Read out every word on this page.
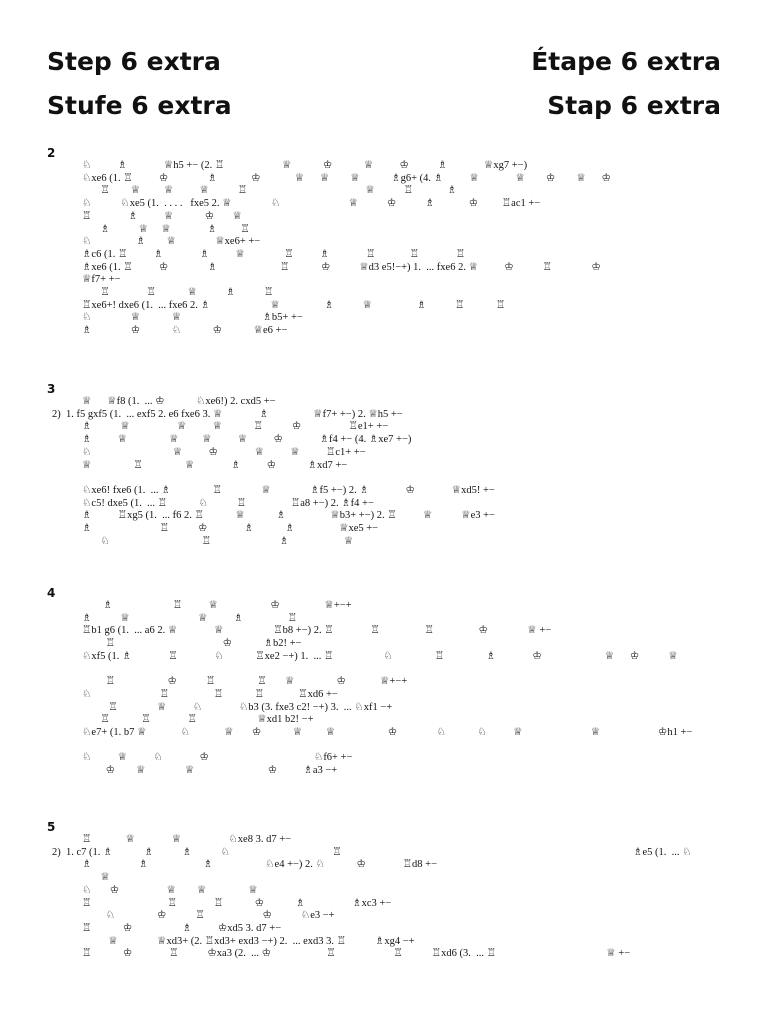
Step 6 extra	Étape 6 extra
Stufe 6 extra	Stap 6 extra
2
♘          ♗              ♕h5 +− (2. ♖                      ♕            ♔            ♕          ♔           ♗              ♕xg7 +−)
♘xe6 (1. ♖          ♔               ♗             ♔             ♕      ♕        ♕            ♗g6+ (4. ♗          ♕              ♕        ♔        ♕      ♔
♖        ♕         ♕          ♕           ♖                                             ♕           ♖             ♗
♘           ♘xe5 (1.  . . . .   fxe5 2. ♕               ♘                          ♕           ♔           ♗             ♔         ♖ac1 +−
♖              ♗          ♕            ♔       ♕
♗           ♕     ♕              ♗         ♖
♘                 ♗        ♕               ♕xe6+ +−
♗c6 (1. ♖          ♗              ♗          ♕               ♖          ♗              ♖             ♖              ♖
♗xe6 (1. ♖          ♔               ♗                        ♖            ♔           ♕d3 e5!−+) 1.  ... fxe6 2. ♕          ♔           ♖               ♔
♕f7+ +−
♖              ♖            ♕           ♗           ♖
♖xe6+! dxe6 (1.  ... fxe6 2. ♗                       ♕                 ♗           ♕                 ♗           ♖            ♖
♘               ♕            ♕                               ♗b5+ +−
♗               ♔            ♘            ♔            ♕e6 +−
3
♕      ♕f8 (1.  ... ♔            ♘xe6!) 2. cxd5 +−
2)  1. f5 gxf5 (1.  ... exf5 2. e6 fxe6 3. ♕              ♗                 ♕f7+ +−) 2. ♕h5 +−
♗           ♕                  ♕          ♕            ♖           ♔                  ♖e1+ +−
♗          ♕                ♕         ♕          ♕          ♔              ♗f4 +− (4. ♗xe7 +−)
♘                               ♕          ♔              ♕          ♕          ♖c1+ +−
♕                ♖                ♕              ♗          ♔            ♗xd7 +−
♘xe6! fxe6 (1.  ... ♗                ♖               ♕               ♗f5 +−) 2. ♗              ♔              ♕xd5! +−
♘c5! dxe5 (1.  ... ♖            ♘           ♖                 ♖a8 +−) 2. ♗f4 +−
♗          ♖xg5 (1.  ... f6 2. ♖            ♕            ♗                 ♕b3+ +−) 2. ♖          ♕           ♕e3 +−
♗                          ♖           ♔              ♗            ♗                 ♕xe5 +−
♘                                   ♖                          ♗                     ♕
4
♗                       ♖          ♕                    ♔                 ♕+−+
♗           ♕                          ♕          ♗                 ♖
♖b1 g6 (1.  ... a6 2. ♕              ♕                   ♖b8 +−) 2. ♖              ♖                 ♖                 ♔               ♕ +−
♖                                         ♔            ♗b2! +−
♘xf5 (1. ♗              ♖              ♘            ♖xe2 −+) 1.  ... ♖                   ♘                ♖                ♗              ♔                        ♕      ♔           ♕
♖                    ♔           ♖                ♖       ♕                ♔             ♕+−+
♘                          ♖                 ♖            ♖             ♖xd6 +−
♖               ♕          ♘              ♘b3 (3. fxe3 c2! −+) 3.  ... ♘xf1 −+
♖            ♖              ♖                       ♕xd1 b2! −+
♘e7+ (1. b7 ♕             ♘             ♕       ♔            ♕         ♕                    ♔               ♘            ♘          ♕                          ♕                      ♔h1 +−
♘          ♕          ♘              ♔                                        ♘f6+ +−
♔        ♕               ♕                            ♔          ♗a3 −+
5
♖             ♕              ♕                  ♘xe8 3. d7 +−
2)  1. c7 (1. ♗            ♗           ♗           ♘                                       ♖                                                                                                               ♗e5 (1.  ... ♘
♗                  ♗                     ♗                    ♘e4 +−) 2. ♘            ♔              ♖d8 +−
♕
♘       ♔                  ♕        ♕                ♕
♖                             ♖              ♖            ♔            ♗                  ♗xc3 +−
♘                ♔           ♖                      ♔           ♘e3 −+
♖            ♔                   ♗          ♔xd5 3. d7 +−
♕               ♕xd3+ (2. ♖xd3+ exd3 −+) 2.  ... exd3 3. ♖           ♗xg4 −+
♖            ♔              ♖           ♔xa3 (2.  ... ♔                     ♖                      ♖           ♖xd6 (3.  ... ♖                                          ♕ +−
